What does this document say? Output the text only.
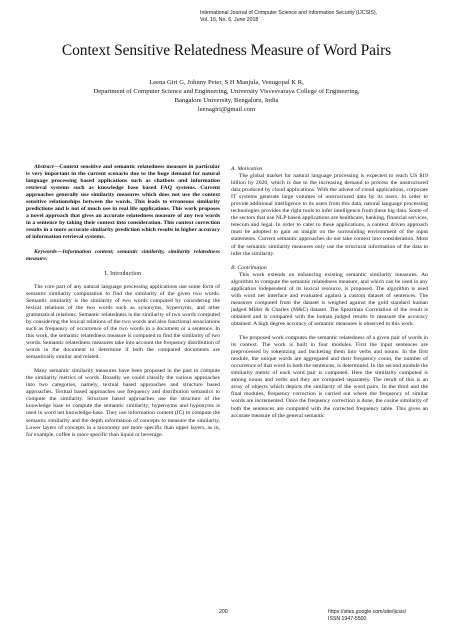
International Journal of Computer Science and Information Security (IJCSIS),
Vol. 16, No. 6, June 2018
Context Sensitive Relatedness Measure of Word Pairs
Leena Giri G, Johnny Peter, S H Manjula, Venugopal K R,
Department of Computer Science and Engineering, University Visvesvaraya College of Engineering,
Bangalore University, Bengaluru, India
leenagiri@gmail.com

Abstract—Context sensitive and semantic relatedness measure in particular is very important in the current scenario due to the huge demand for natural language processing based applications such as chatbots and information retrieval systems such as knowledge base based FAQ systems. Current approaches generally use similarity measures which does not use the context sensitive relationships between the words. This leads to erroneous similarity predictions and is not of much use in real life applications. This work proposes a novel approach that gives an accurate relatedness measure of any two words in a sentence by taking their context into consideration. This context correction results in a more accurate similarity prediction which results in higher accuracy of information retrieval systems.

Keywords—Information content; semantic similarity, similarity relatedness measure;

I. Introduction

The core part of any natural language processing applications use some form of semantic similarity computation to find the similarity of the given two words. Semantic similarity is the similarity of two words computed by considering the lexical relations of the two words such as synonyms, hypernyms, and other grammatical relations. Semantic relatedness is the similarity of two words computed by considering the lexical relations of the two words and also functional associations such as frequency of occurrence of the two words in a document or a sentence. In this work, the semantic relatedness measure is computed to find the similarity of two words. Semantic relatedness measures take into account the frequency distribution of words in the document to determine if both the compared documents are semantically similar and related.

Many semantic similarity measures have been proposed in the past to compute the similarity metrics of words. Broadly we could classify the various approaches into two categories, namely, textual based approaches and structure based approaches. Textual based approaches use frequency and distribution semantics to compute the similarity. Structure based approaches use the structure of the knowledge base to compute the semantic similarity; hypernyms and hyponyms is used in word net knowledge-base. They use information content (IC) to compute the semantic similarity and the depth information of concepts to measure the similarity. Lower layers of concepts in a taxonomy are more specific than upper layers, as in, for example, coffee is more specific than liquid or beverage.

A. Motivation

The global market for natural language processing is expected to reach US $19 billion by 2020, which is due to the increasing demand to process the unstructured data produced by cloud applications. With the advent of cloud applications, corporate IT systems generate large volumes of unstructured data by its users. In order to provide additional intelligence to its users from this data, natural language processing technologies provides the right tools to infer intelligence from these big data. Some of the sectors that use NLP based applications are healthcare, banking, financial services, telecom and legal. In order to cater to these applications, a context driven approach must be adopted to gain an insight on the surrounding environment of the input statements. Current semantic approaches do not take context into consideration. Most of the semantic similarity measures only use the structural information of the data to infer the similarity.

B. Contribution

This work extends on enhancing existing semantic similarity measures. An algorithm to compute the semantic relatedness measure, and which can be used in any application independent of its lexical resource, is proposed. The algorithm is used with word net interface and evaluated against a custom dataset of sentences. The measures computed from the dataset is weighed against the gold standard human judged Miller & Charles (M&C) dataset. The Spearman Correlation of the result is obtained and is compared with the human judged results to measure the accuracy obtained. A high degree accuracy of semantic measures is observed in this work.

The proposed work computes the semantic relatedness of a given pair of words in its context. The work is built in four modules. First the input sentences are preprocessed by tokenizing and bucketing them into verbs and nouns. In the first module, the unique words are aggregated and their frequency count, the number of occurrence of that word in both the sentences, is determined. In the second module the similarity metric of each word pair is computed. Here the similarity computed is among nouns and verbs and they are computed separately. The result of this is an array of objects which depicts the similarity of the word pairs. In the third and the final modules, frequency correction is carried out where the frequency of similar words are incremented. Once the frequency correction is done, the cosine similarity of both the sentences are computed with the corrected frequency table. This gives an accurate measure of the general semantic

200	https://sites.google.com/site/ijcsis/
ISSN 1947-5500
